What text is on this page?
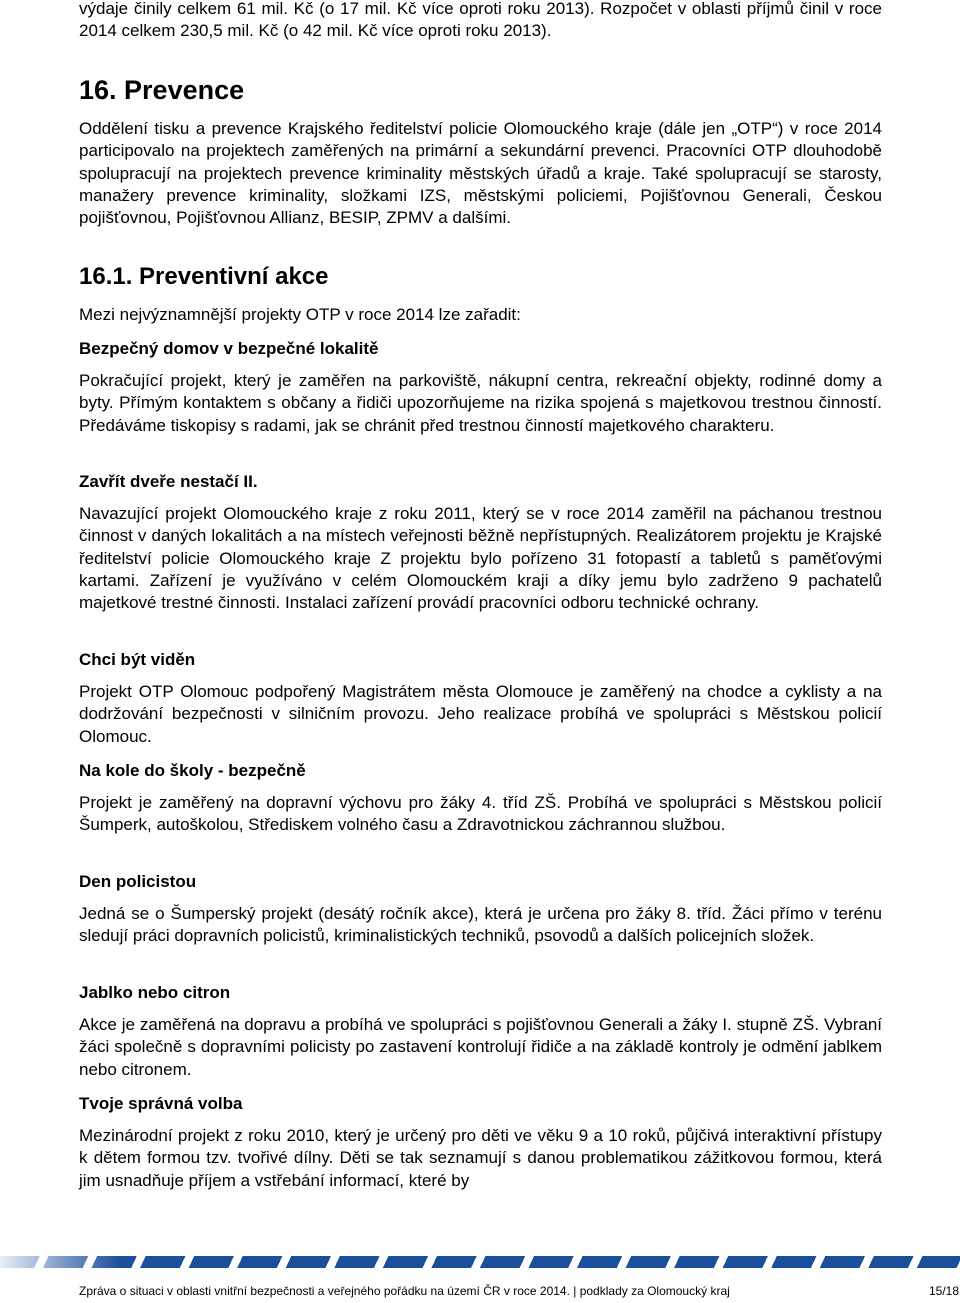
výdaje činily celkem 61 mil. Kč (o 17 mil. Kč více oproti roku 2013). Rozpočet v oblasti příjmů činil v roce 2014 celkem 230,5 mil. Kč (o 42 mil. Kč více oproti roku 2013).

16. Prevence

Oddělení tisku a prevence Krajského ředitelství policie Olomouckého kraje (dále jen „OTP“) v roce 2014 participovalo na projektech zaměřených na primární a sekundární prevenci. Pracovníci OTP dlouhodobě spolupracují na projektech prevence kriminality městských úřadů a kraje. Také spolupracují se starosty, manažery prevence kriminality, složkami IZS, městskými policiemi, Pojišťovnou Generali, Českou pojišťovnou, Pojišťovnou Allianz, BESIP, ZPMV a dalšími.

16.1. Preventivní akce

Mezi nejvýznamnější projekty OTP v roce 2014 lze zařadit:

Bezpečný domov v bezpečné lokalitě

Pokračující projekt, který je zaměřen na parkoviště, nákupní centra, rekreační objekty, rodinné domy a byty. Přímým kontaktem s občany a řidiči upozorňujeme na rizika spojená s majetkovou trestnou činností. Předáváme tiskopisy s radami, jak se chránit před trestnou činností majetkového charakteru.

Zavřít dveře nestačí II.

Navazující projekt Olomouckého kraje z roku 2011, který se v roce 2014 zaměřil na páchanou trestnou činnost v daných lokalitách a na místech veřejnosti běžně nepřístupných. Realizátorem projektu je Krajské ředitelství policie Olomouckého kraje Z projektu bylo pořízeno 31 fotopastí a tabletů s paměťovými kartami. Zařízení je využíváno v celém Olomouckém kraji a díky jemu bylo zadrženo 9 pachatelů majetkové trestné činnosti. Instalaci zařízení provádí pracovníci odboru technické ochrany.

Chci být viděn

Projekt OTP Olomouc podpořený Magistrátem města Olomouce je zaměřený na chodce a cyklisty a na dodržování bezpečnosti v silničním provozu. Jeho realizace probíhá ve spolupráci s Městskou policií Olomouc.

Na kole do školy - bezpečně

Projekt je zaměřený na dopravní výchovu pro žáky 4. tříd ZŠ. Probíhá ve spolupráci s Městskou policií Šumperk, autoškolou, Střediskem volného času a Zdravotnickou záchrannou službou.

Den policistou

Jedná se o Šumperský projekt (desátý ročník akce), která je určena pro žáky 8. tříd. Žáci přímo v terénu sledují práci dopravních policistů, kriminalistických techniků, psovodů a dalších policejních složek.

Jablko nebo citron

Akce je zaměřená na dopravu a probíhá ve spolupráci s pojišťovnou Generali a žáky I. stupně ZŠ. Vybraní žáci společně s dopravními policisty po zastavení kontrolují řidiče a na základě kontroly je odmění jablkem nebo citronem.

Tvoje správná volba

Mezinárodní projekt z roku 2010, který je určený pro děti ve věku 9 a 10 roků, půjčivá interaktivní přístupy k dětem formou tzv. tvořivé dílny. Děti se tak seznamují s danou problematikou zážitkovou formou, která jim usnadňuje příjem a vstřebání informací, které by

Zpráva o situaci v oblasti vnitřní bezpečnosti a veřejného pořádku na území ČR v roce 2014. | podklady za Olomoucký kraj	15/18
